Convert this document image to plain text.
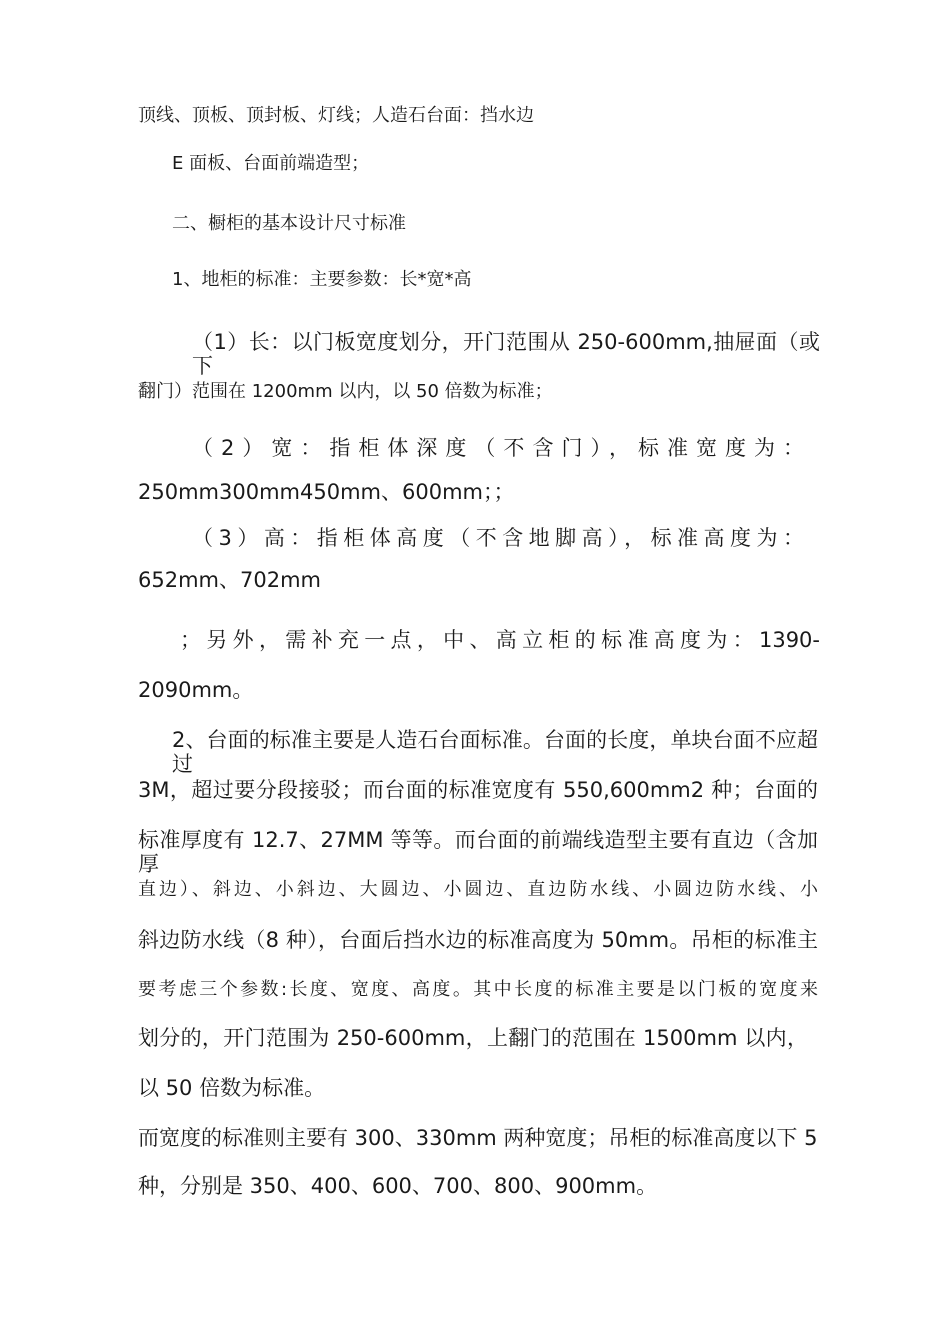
顶线、顶板、顶封板、灯线；人造石台面：挡水边
E 面板、台面前端造型；
二、橱柜的基本设计尺寸标准
1、地柜的标准：主要参数：长*宽*高
（1）长：以门板宽度划分，开门范围从 250-600mm,抽屉面（或下
翻门）范围在 1200mm 以内，以 50 倍数为标准；
（2）宽：指柜体深度（不含门），标准宽度为：
250mm300mm450mm、600mm；；
（3）高：指柜体高度（不含地脚高），标准高度为：
652mm、702mm
；另外，需补充一点，中、高立柜的标准高度为：1390-
2090mm。
2、台面的标准主要是人造石台面标准。台面的长度，单块台面不应超过
3M，超过要分段接驳；而台面的标准宽度有 550,600mm2 种；台面的
标准厚度有 12.7、27MM 等等。而台面的前端线造型主要有直边（含加厚
直边）、斜边、小斜边、大圆边、小圆边、直边防水线、小圆边防水线、小
斜边防水线（8 种），台面后挡水边的标准高度为 50mm。吊柜的标准主
要考虑三个参数:长度、宽度、高度。其中长度的标准主要是以门板的宽度来
划分的，开门范围为 250-600mm，上翻门的范围在 1500mm 以内，
以 50 倍数为标准。
而宽度的标准则主要有 300、330mm 两种宽度；吊柜的标准高度以下 5
种，分别是 350、400、600、700、800、900mm。
